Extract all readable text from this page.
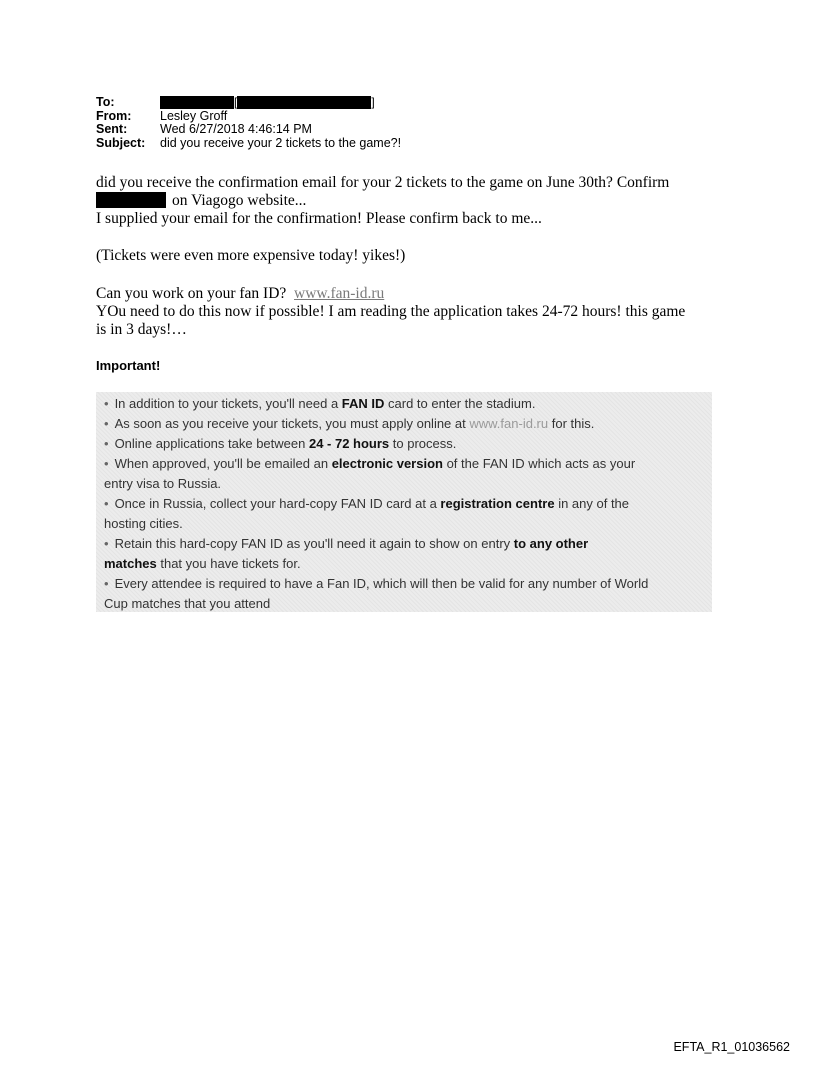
To:	[	]
From:	Lesley Groff
Sent:	Wed 6/27/2018 4:46:14 PM
Subject:	did you receive your 2 tickets to the game?!
did you receive the confirmation email for your 2 tickets to the game on June 30th? Confirm
on Viagogo website...
I supplied your email for the confirmation! Please confirm back to me...
(Tickets were even more expensive today! yikes!)
Can you work on your fan ID? www.fan-id.ru
YOu need to do this now if possible! I am reading the application takes 24-72 hours! this game
is in 3 days!…
Important!
• In addition to your tickets, you'll need a FAN ID card to enter the stadium.
• As soon as you receive your tickets, you must apply online at www.fan-id.ru for this.
• Online applications take between 24 - 72 hours to process.
• When approved, you'll be emailed an electronic version of the FAN ID which acts as your
entry visa to Russia.
• Once in Russia, collect your hard-copy FAN ID card at a registration centre in any of the
hosting cities.
• Retain this hard-copy FAN ID as you'll need it again to show on entry to any other
matches that you have tickets for.
• Every attendee is required to have a Fan ID, which will then be valid for any number of World
Cup matches that you attend
EFTA_R1_01036562
